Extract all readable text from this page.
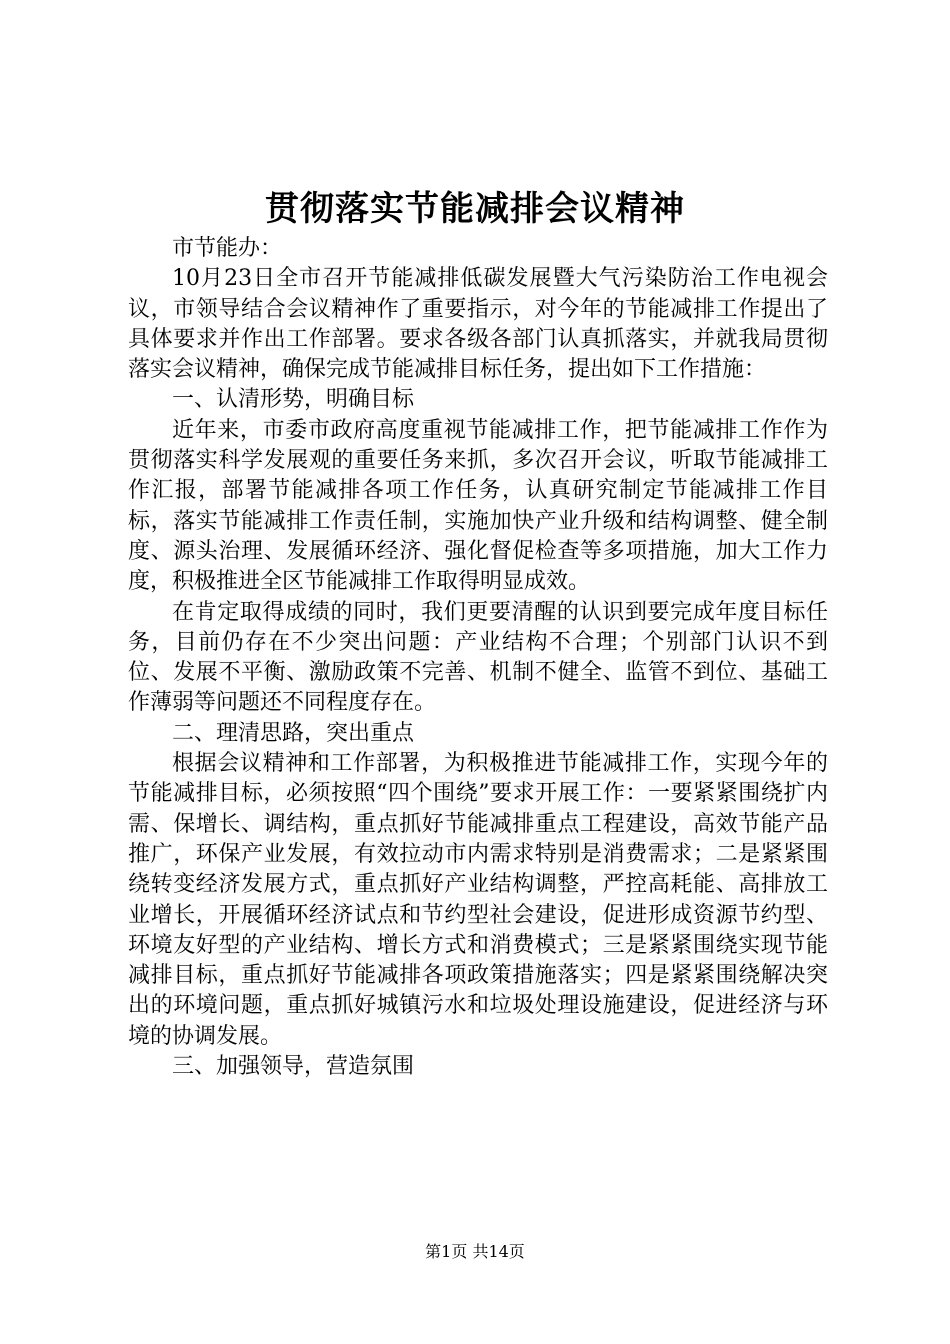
贯彻落实节能减排会议精神

市节能办：

10月23日全市召开节能减排低碳发展暨大气污染防治工作电视会议，市领导结合会议精神作了重要指示，对今年的节能减排工作提出了具体要求并作出工作部署。要求各级各部门认真抓落实，并就我局贯彻落实会议精神，确保完成节能减排目标任务，提出如下工作措施：

一、认清形势，明确目标

近年来，市委市政府高度重视节能减排工作，把节能减排工作作为贯彻落实科学发展观的重要任务来抓，多次召开会议，听取节能减排工作汇报，部署节能减排各项工作任务，认真研究制定节能减排工作目标，落实节能减排工作责任制，实施加快产业升级和结构调整、健全制度、源头治理、发展循环经济、强化督促检查等多项措施，加大工作力度，积极推进全区节能减排工作取得明显成效。

在肯定取得成绩的同时，我们更要清醒的认识到要完成年度目标任务，目前仍存在不少突出问题：产业结构不合理；个别部门认识不到位、发展不平衡、激励政策不完善、机制不健全、监管不到位、基础工作薄弱等问题还不同程度存在。

二、理清思路，突出重点

根据会议精神和工作部署，为积极推进节能减排工作，实现今年的节能减排目标，必须按照“四个围绕”要求开展工作：一要紧紧围绕扩内需、保增长、调结构，重点抓好节能减排重点工程建设，高效节能产品推广，环保产业发展，有效拉动市内需求特别是消费需求；二是紧紧围绕转变经济发展方式，重点抓好产业结构调整，严控高耗能、高排放工业增长，开展循环经济试点和节约型社会建设，促进形成资源节约型、环境友好型的产业结构、增长方式和消费模式；三是紧紧围绕实现节能减排目标，重点抓好节能减排各项政策措施落实；四是紧紧围绕解决突出的环境问题，重点抓好城镇污水和垃圾处理设施建设，促进经济与环境的协调发展。

三、加强领导，营造氛围

第1页 共14页
